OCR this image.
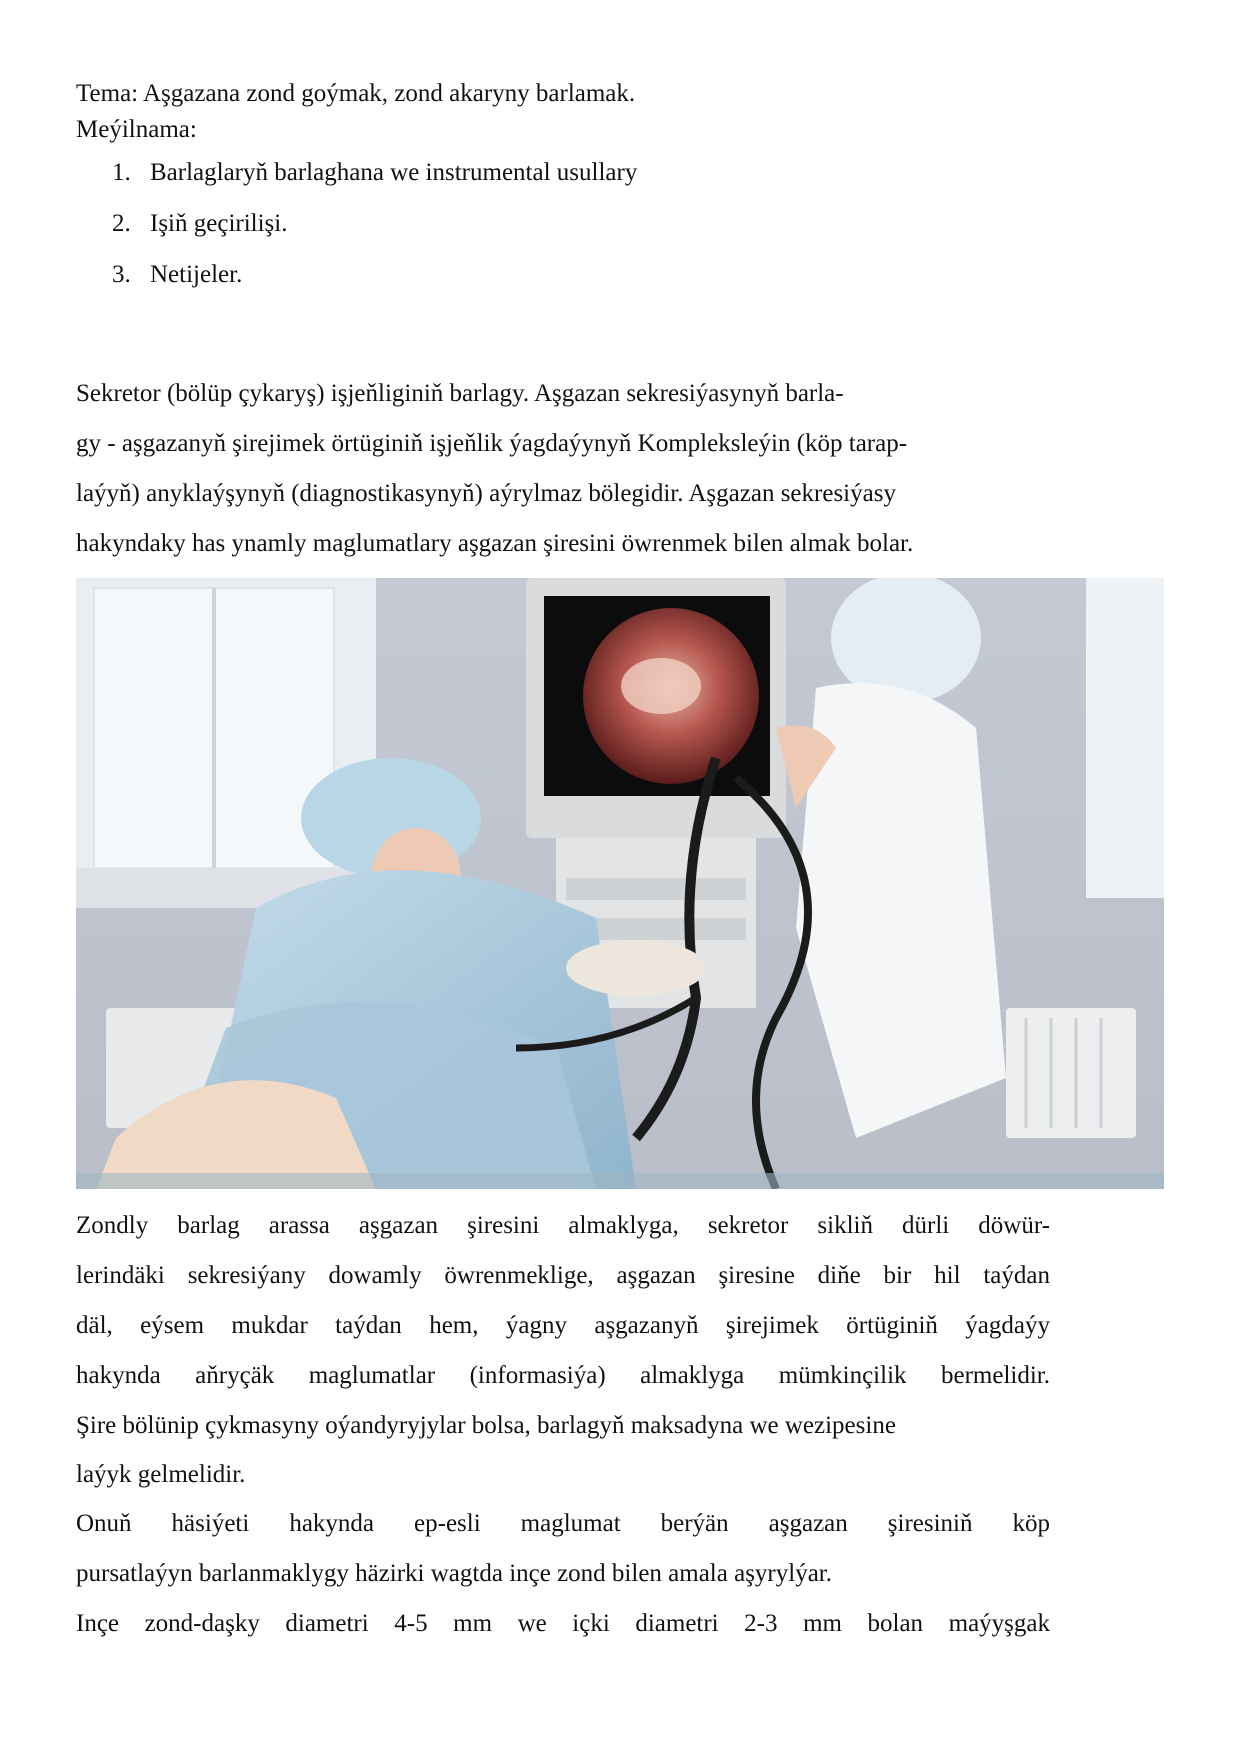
Tema: Aşgazana zond goýmak, zond akaryny barlamak.
Meýilnama:
1. Barlaglaryň barlaghana we instrumental usullary
2. Işiň geçirilişi.
3. Netijeler.
Sekretor (bölüp çykaryş) işjeňliginiň barlagy. Aşgazan sekresiýasynyň barla-
gy - aşgazanyň şirejimek örtüginiň işjeňlik ýagdaýynyň Kompleksleýin (köp tarap-
laýyň) anyklaýşynyň (diagnostikasynyň) aýrylmaz bölegidir. Aşgazan sekresiýasy
hakyndaky has ynamly maglumatlary aşgazan şiresini öwrenmek bilen almak bolar.
Zondly barlag arassa aşgazan şiresini almaklyga, sekretor sikliň dürli döwür-
lerindäki sekresiýany dowamly öwrenmeklige, aşgazan şiresine diňe bir hil taýdan
däl, eýsem mukdar taýdan hem, ýagny aşgazanyň şirejimek örtüginiň ýagdaýy
hakynda aňryçäk maglumatlar (informasiýa) almaklyga mümkinçilik bermelidir.
Şire bölünip çykmasyny oýandyryjylar bolsa, barlagyň maksadyna we wezipesine
laýyk gelmelidir.
Onuň häsiýeti hakynda ep-esli maglumat berýän aşgazan şiresiniň köp
pursatlaýyn barlanmaklygy häzirki wagtda inçe zond bilen amala aşyrylýar.
Inçe zond-daşky diametri 4-5 mm we içki diametri 2-3 mm bolan maýyşgak
